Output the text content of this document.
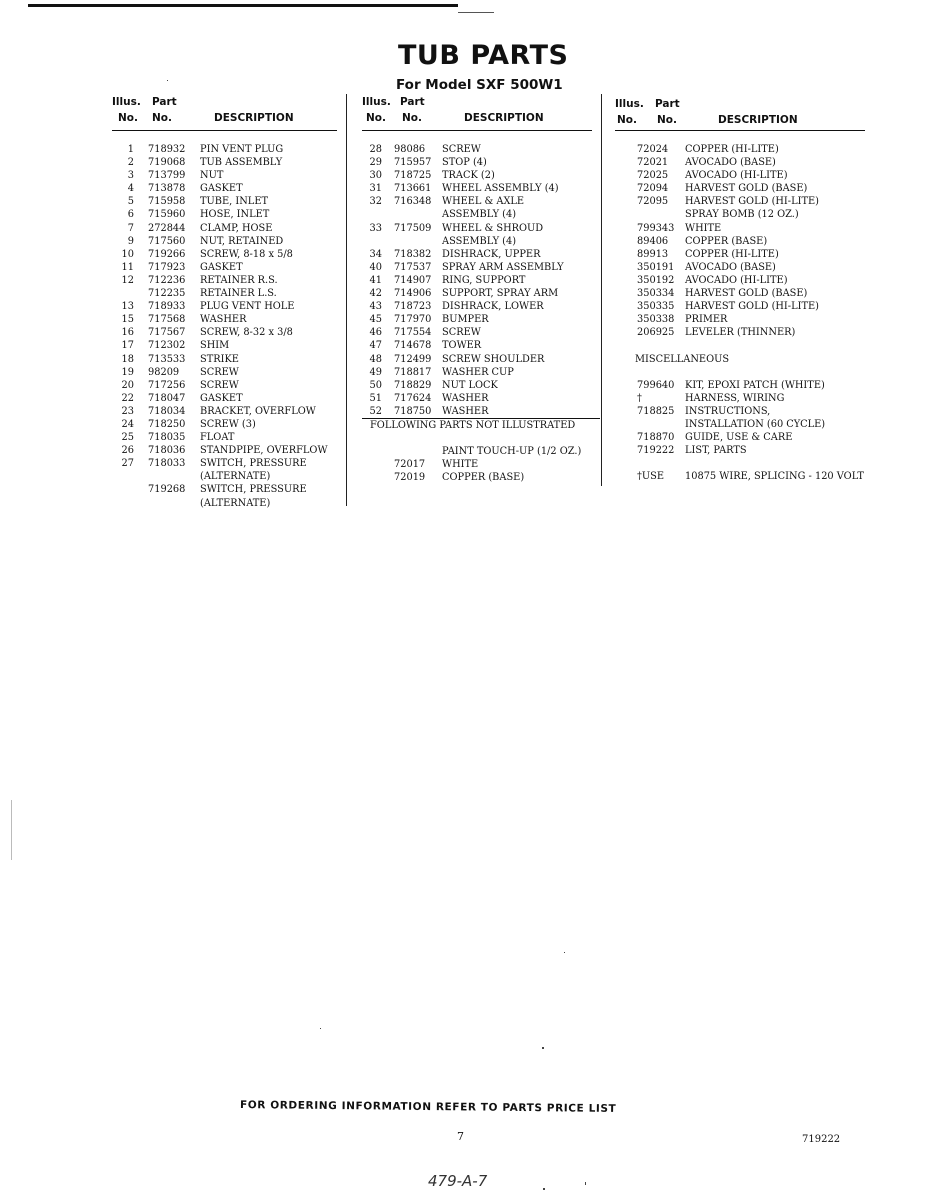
TUB PARTS
For Model SXF 500W1
Illus. Part
No. No.	DESCRIPTION
1 718932 PIN VENT PLUG
2 719068 TUB ASSEMBLY
3 713799 NUT
4 713878 GASKET
5 715958 TUBE, INLET
6 715960 HOSE, INLET
7 272844 CLAMP, HOSE
9 717560 NUT, RETAINED
10 719266 SCREW, 8-18 x 5/8
11 717923 GASKET
12 712236 RETAINER R.S.
712235 RETAINER L.S.
13 718933 PLUG VENT HOLE
15 717568 WASHER
16 717567 SCREW, 8-32 x 3/8
17 712302 SHIM
18 713533 STRIKE
19 98209 SCREW
20 717256 SCREW
22 718047 GASKET
23 718034 BRACKET, OVERFLOW
24 718250 SCREW (3)
25 718035 FLOAT
26 718036 STANDPIPE, OVERFLOW
27 718033 SWITCH, PRESSURE
(ALTERNATE)
719268 SWITCH, PRESSURE
(ALTERNATE)
Illus. Part
No. No.	DESCRIPTION
28 98086 SCREW
29 715957 STOP (4)
30 718725 TRACK (2)
31 713661 WHEEL ASSEMBLY (4)
32 716348 WHEEL & AXLE
ASSEMBLY (4)
33 717509 WHEEL & SHROUD
ASSEMBLY (4)
34 718382 DISHRACK, UPPER
40 717537 SPRAY ARM ASSEMBLY
41 714907 RING, SUPPORT
42 714906 SUPPORT, SPRAY ARM
43 718723 DISHRACK, LOWER
45 717970 BUMPER
46 717554 SCREW
47 714678 TOWER
48 712499 SCREW SHOULDER
49 718817 WASHER CUP
50 718829 NUT LOCK
51 717624 WASHER
52 718750 WASHER
FOLLOWING PARTS NOT ILLUSTRATED
PAINT TOUCH-UP (1/2 OZ.)
72017 WHITE
72019 COPPER (BASE)
Illus. Part
No. No.	DESCRIPTION
72024 COPPER (HI-LITE)
72021 AVOCADO (BASE)
72025 AVOCADO (HI-LITE)
72094 HARVEST GOLD (BASE)
72095 HARVEST GOLD (HI-LITE)
SPRAY BOMB (12 OZ.)
799343 WHITE
89406 COPPER (BASE)
89913 COPPER (HI-LITE)
350191 AVOCADO (BASE)
350192 AVOCADO (HI-LITE)
350334 HARVEST GOLD (BASE)
350335 HARVEST GOLD (HI-LITE)
350338 PRIMER
206925 LEVELER (THINNER)
MISCELLANEOUS
799640 KIT, EPOXI PATCH (WHITE)
†	HARNESS, WIRING
718825 INSTRUCTIONS,
INSTALLATION (60 CYCLE)
718870 GUIDE, USE & CARE
719222 LIST, PARTS
†USE 10875 WIRE, SPLICING - 120 VOLT
FOR ORDERING INFORMATION REFER TO PARTS PRICE LIST
7	719222
479-A-7
